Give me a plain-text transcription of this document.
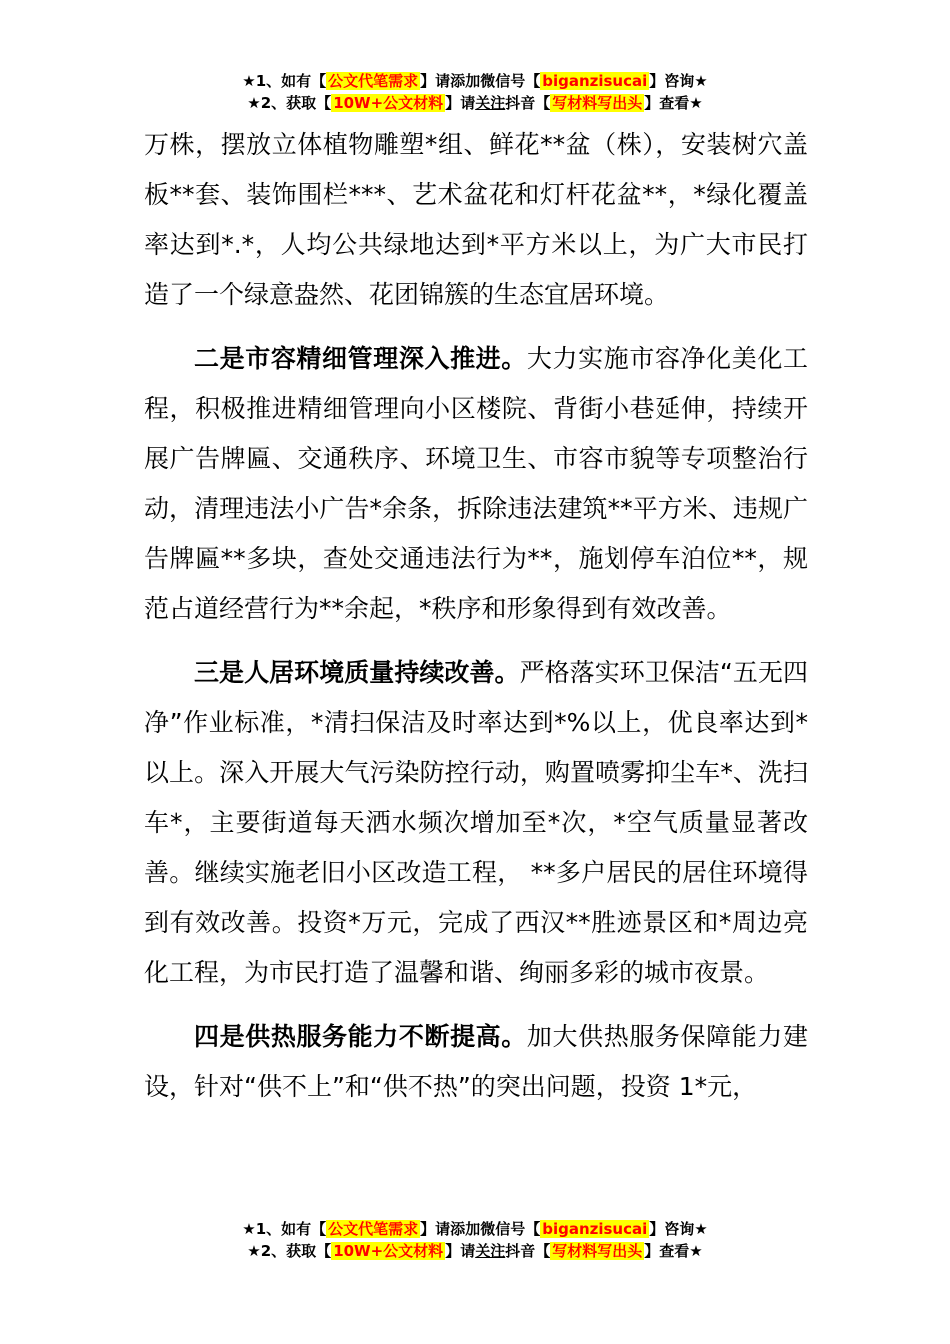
★1、如有【 公文代笔需求 】请添加微信号【 biganzisucai 】咨询★
★2、获取【 10W+公文材料 】请关注抖音【 写材料写出头 】查看★

万株，摆放立体植物雕塑*组、鲜花**盆（株），安装树穴盖板**套、装饰围栏***、艺术盆花和灯杆花盆**，*绿化覆盖率达到*.*，人均公共绿地达到*平方米以上，为广大市民打造了一个绿意盎然、花团锦簇的生态宜居环境。

二是市容精细管理深入推进。大力实施市容净化美化工程，积极推进精细管理向小区楼院、背街小巷延伸，持续开展广告牌匾、交通秩序、环境卫生、市容市貌等专项整治行动，清理违法小广告*余条，拆除违法建筑**平方米、违规广告牌匾**多块，查处交通违法行为**，施划停车泊位**，规范占道经营行为**余起，*秩序和形象得到有效改善。

三是人居环境质量持续改善。严格落实环卫保洁“五无四净”作业标准，*清扫保洁及时率达到*%以上，优良率达到*以上。深入开展大气污染防控行动，购置喷雾抑尘车*、洗扫车*，主要街道每天洒水频次增加至*次，*空气质量显著改善。继续实施老旧小区改造工程， **多户居民的居住环境得到有效改善。投资*万元，完成了西汉**胜迹景区和*周边亮化工程，为市民打造了温馨和谐、绚丽多彩的城市夜景。

四是供热服务能力不断提高。加大供热服务保障能力建设，针对“供不上”和“供不热”的突出问题，投资 1*元，

★1、如有【 公文代笔需求 】请添加微信号【 biganzisucai 】咨询★
★2、获取【 10W+公文材料 】请关注抖音【 写材料写出头 】查看★
